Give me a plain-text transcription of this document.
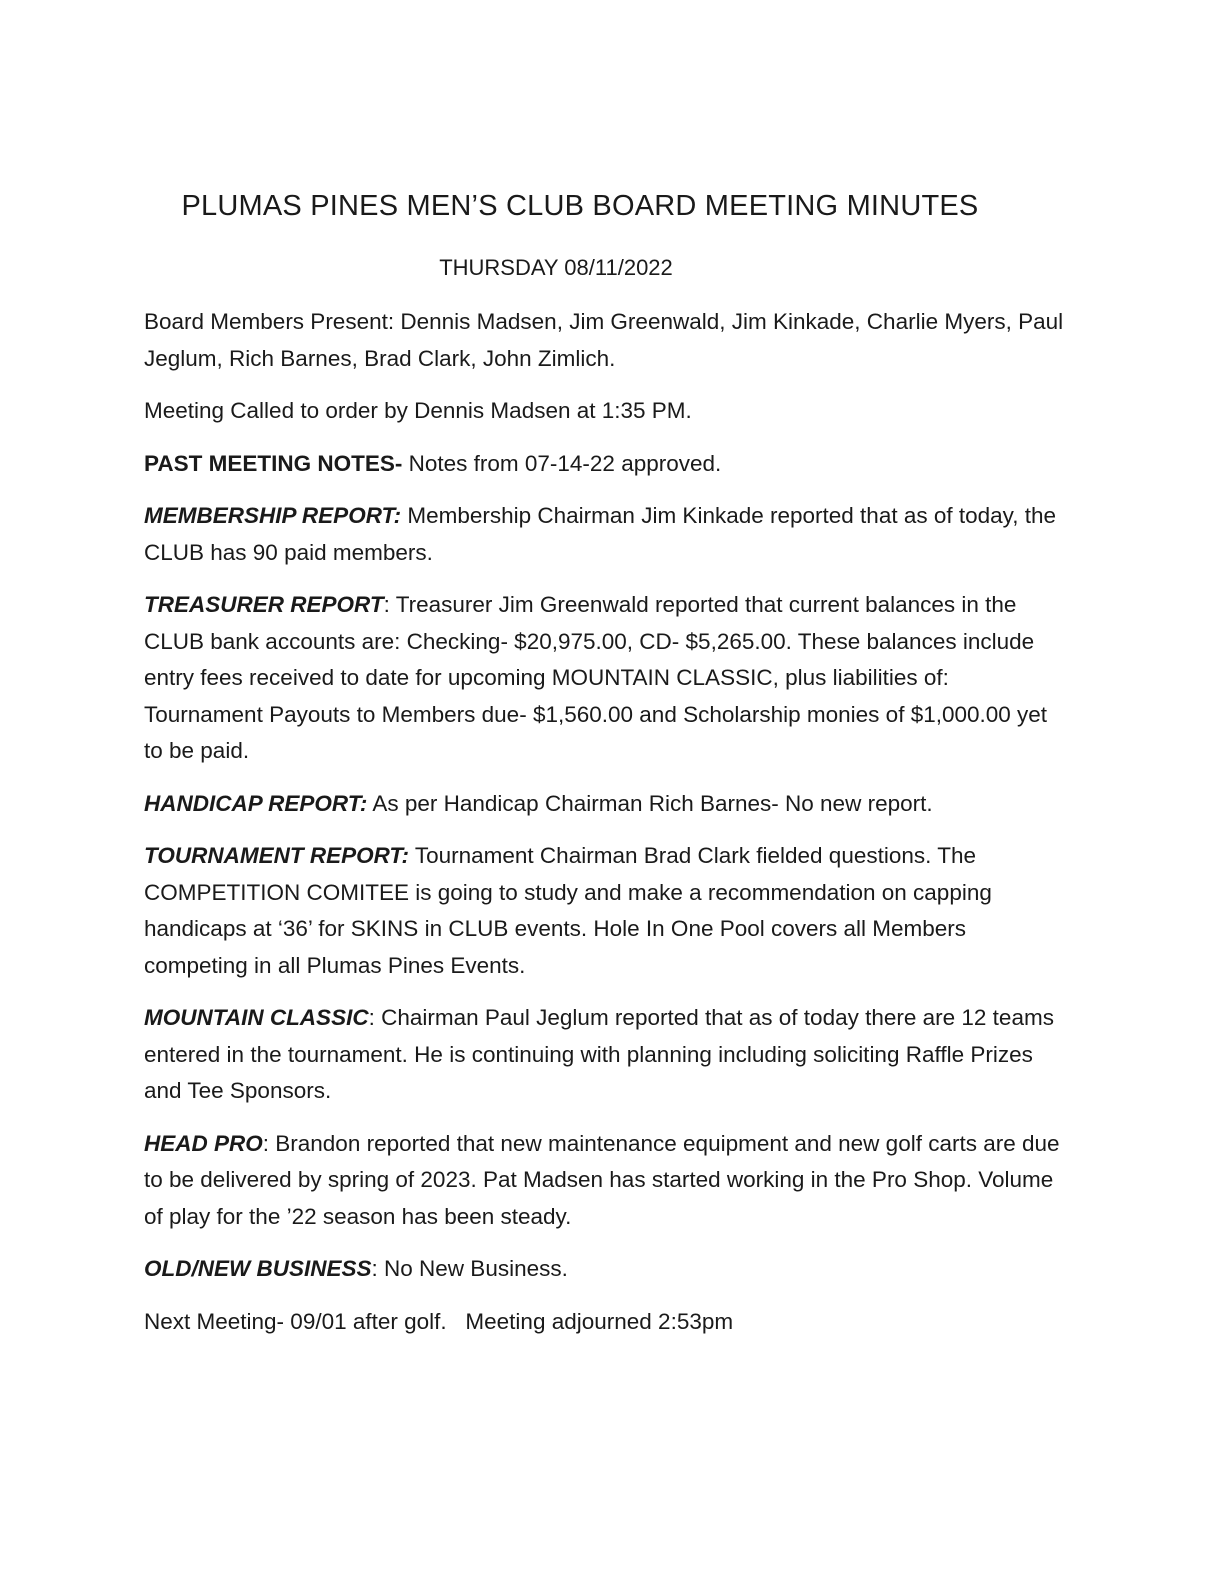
PLUMAS PINES MEN’S CLUB BOARD MEETING MINUTES
THURSDAY 08/11/2022

Board Members Present: Dennis Madsen, Jim Greenwald, Jim Kinkade, Charlie Myers, Paul Jeglum, Rich Barnes, Brad Clark, John Zimlich.

Meeting Called to order by Dennis Madsen at 1:35 PM.

PAST MEETING NOTES- Notes from 07-14-22 approved.

MEMBERSHIP REPORT: Membership Chairman Jim Kinkade reported that as of today, the CLUB has 90 paid members.

TREASURER REPORT: Treasurer Jim Greenwald reported that current balances in the CLUB bank accounts are: Checking- $20,975.00, CD- $5,265.00. These balances include entry fees received to date for upcoming MOUNTAIN CLASSIC, plus liabilities of: Tournament Payouts to Members due- $1,560.00 and Scholarship monies of $1,000.00 yet to be paid.

HANDICAP REPORT: As per Handicap Chairman Rich Barnes- No new report.

TOURNAMENT REPORT: Tournament Chairman Brad Clark fielded questions. The COMPETITION COMITEE is going to study and make a recommendation on capping handicaps at ‘36’ for SKINS in CLUB events. Hole In One Pool covers all Members competing in all Plumas Pines Events.

MOUNTAIN CLASSIC: Chairman Paul Jeglum reported that as of today there are 12 teams entered in the tournament. He is continuing with planning including soliciting Raffle Prizes and Tee Sponsors.

HEAD PRO: Brandon reported that new maintenance equipment and new golf carts are due to be delivered by spring of 2023. Pat Madsen has started working in the Pro Shop. Volume of play for the ’22 season has been steady.

OLD/NEW BUSINESS: No New Business.

Next Meeting- 09/01 after golf.   Meeting adjourned 2:53pm
